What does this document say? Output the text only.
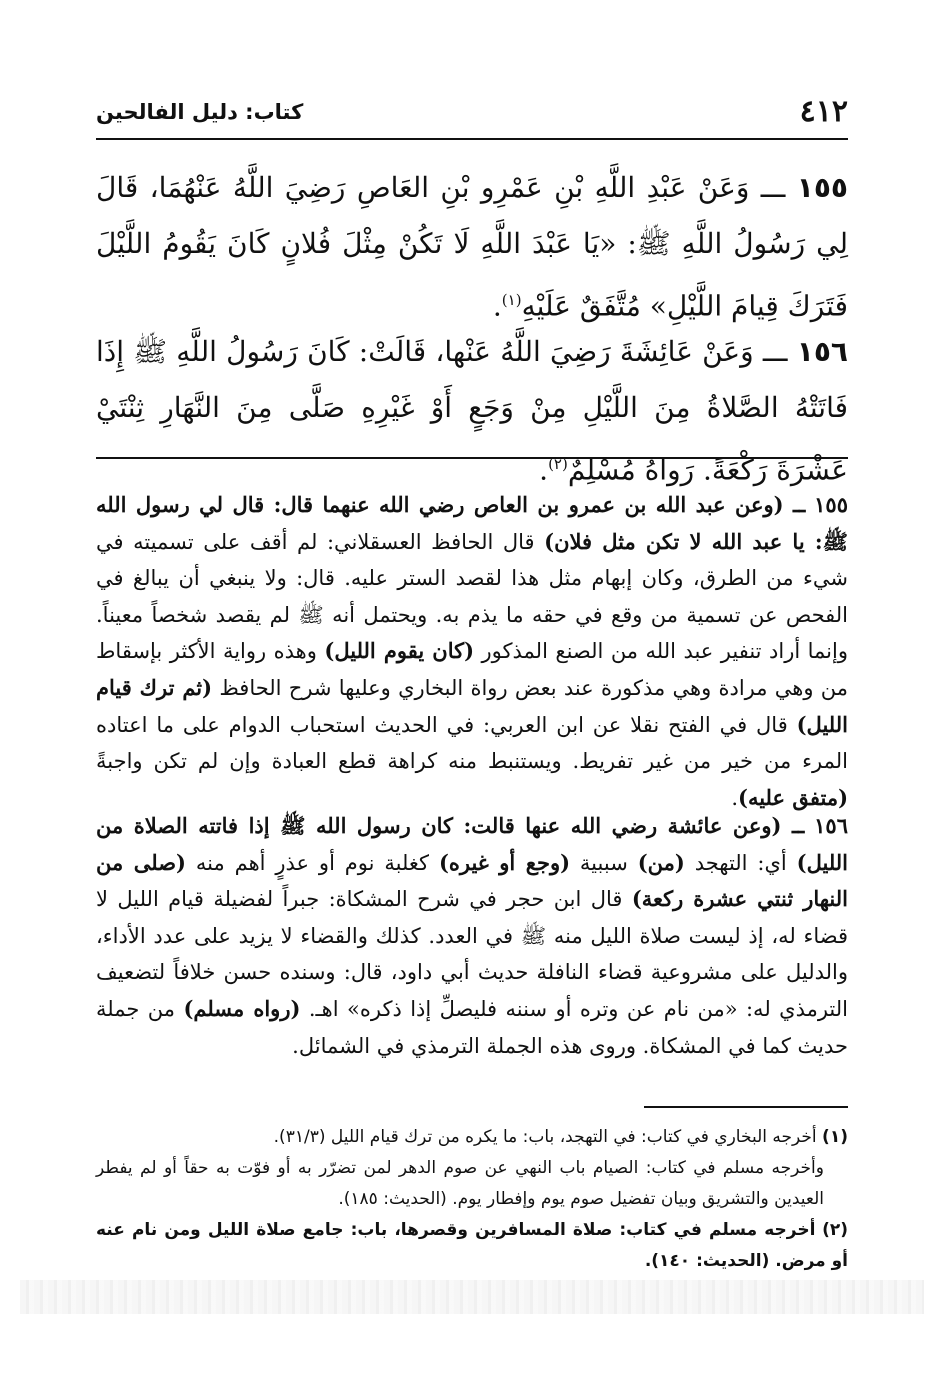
٤١٢
كتاب: دليل الفالحين
١٥٥ ـــ وَعَنْ عَبْدِ اللَّهِ بْنِ عَمْرِو بْنِ العَاصِ رَضِيَ اللَّهُ عَنْهُمَا، قَالَ لِي رَسُولُ اللَّهِ ﷺ: «يَا عَبْدَ اللَّهِ لَا تَكُنْ مِثْلَ فُلانٍ كَانَ يَقُومُ اللَّيْلَ فَتَرَكَ قِيامَ اللَّيْلِ» مُتَّفَقٌ عَلَيْهِ$^{(١)}$.
١٥٦ ـــ وَعَنْ عَائِشَةَ رَضِيَ اللَّهُ عَنْها، قَالَتْ: كَانَ رَسُولُ اللَّهِ ﷺ إِذَا فَاتَتْهُ الصَّلاةُ مِنَ اللَّيْلِ مِنْ وَجَعٍ أَوْ غَيْرِهِ صَلَّى مِنَ النَّهَارِ ثِنْتَيْ عَشْرَةَ رَكْعَةً. رَواهُ مُسْلِمٌ$^{(٢)}$.
١٥٥ ــ (وعن عبد الله بن عمرو بن العاص رضي الله عنهما قال: قال لي رسول الله ﷺ: يا عبد الله لا تكن مثل فلان) قال الحافظ العسقلاني: لم أقف على تسميته في شيء من الطرق، وكان إبهام مثل هذا لقصد الستر عليه. قال: ولا ينبغي أن يبالغ في الفحص عن تسمية من وقع في حقه ما يذم به. ويحتمل أنه ﷺ لم يقصد شخصاً معيناً. وإنما أراد تنفير عبد الله من الصنع المذكور (كان يقوم الليل) وهذه رواية الأكثر بإسقاط من وهي مرادة وهي مذكورة عند بعض رواة البخاري وعليها شرح الحافظ (ثم ترك قيام الليل) قال في الفتح نقلا عن ابن العربي: في الحديث استحباب الدوام على ما اعتاده المرء من خير من غير تفريط. ويستنبط منه كراهة قطع العبادة وإن لم تكن واجبةً (متفق عليه).
١٥٦ ــ (وعن عائشة رضي الله عنها قالت: كان رسول الله ﷺ إذا فاتته الصلاة من الليل) أي: التهجد (من) سببية (وجع أو غيره) كغلبة نوم أو عذرٍ أهم منه (صلى من النهار ثنتي عشرة ركعة) قال ابن حجر في شرح المشكاة: جبراً لفضيلة قيام الليل لا قضاء له، إذ ليست صلاة الليل منه ﷺ في العدد. كذلك والقضاء لا يزيد على عدد الأداء، والدليل على مشروعية قضاء النافلة حديث أبي داود، قال: وسنده حسن خلافاً لتضعيف الترمذي له: «من نام عن وتره أو سننه فليصلِّ إذا ذكره» اهـ. (رواه مسلم) من جملة حديث كما في المشكاة. وروى هذه الجملة الترمذي في الشمائل.
(١) أخرجه البخاري في كتاب: في التهجد، باب: ما يكره من ترك قيام الليل (٣١/٣).
وأخرجه مسلم في كتاب: الصيام باب النهي عن صوم الدهر لمن تضرّر به أو فوّت به حقاً أو لم يفطر العيدين والتشريق وبيان تفضيل صوم يوم وإفطار يوم. (الحديث: ١٨٥).
(٢) أخرجه مسلم في كتاب: صلاة المسافرين وقصرها، باب: جامع صلاة الليل ومن نام عنه أو مرض. (الحديث: ١٤٠).
